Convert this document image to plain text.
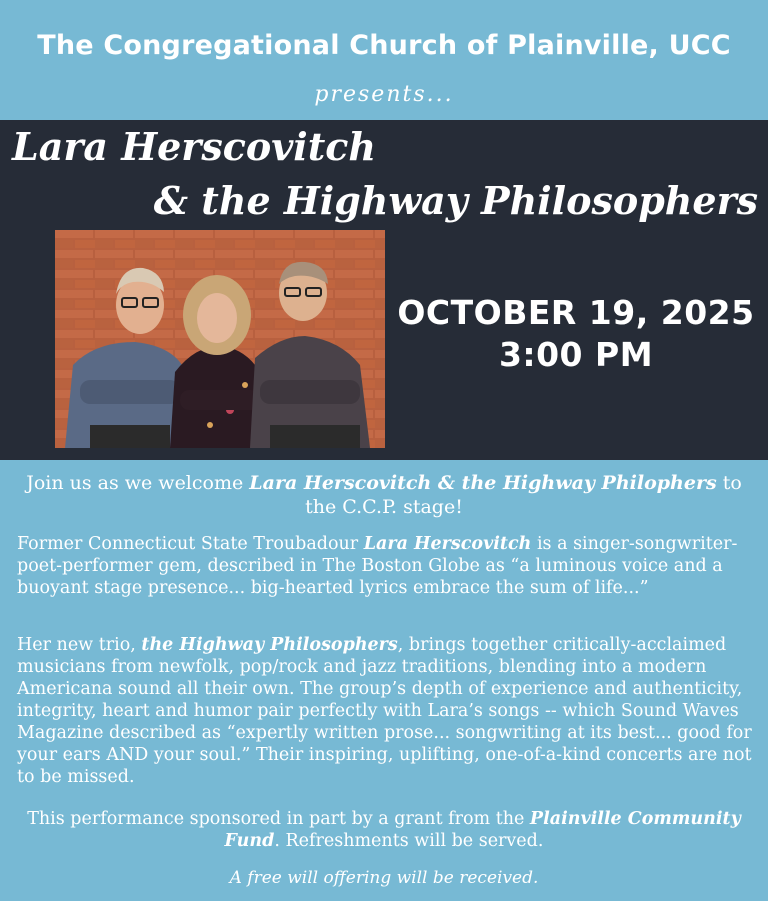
The Congregational Church of Plainville, UCC
presents...
Lara Herscovitch
& the Highway Philosophers
OCTOBER 19, 2025
3:00 PM
Join us as we welcome Lara Herscovitch & the Highway Philophers to the C.C.P. stage!
Former Connecticut State Troubadour Lara Herscovitch is a singer-songwriter-poet-performer gem, described in The Boston Globe as “a luminous voice and a buoyant stage presence... big-hearted lyrics embrace the sum of life...”
Her new trio, the Highway Philosophers, brings together critically-acclaimed musicians from newfolk, pop/rock and jazz traditions, blending into a modern Americana sound all their own. The group’s depth of experience and authenticity, integrity, heart and humor pair perfectly with Lara’s songs -- which Sound Waves Magazine described as “expertly written prose... songwriting at its best... good for your ears AND your soul.” Their inspiring, uplifting, one-of-a-kind concerts are not to be missed.
This performance sponsored in part by a grant from the Plainville Community Fund. Refreshments will be served.
A free will offering will be received.
